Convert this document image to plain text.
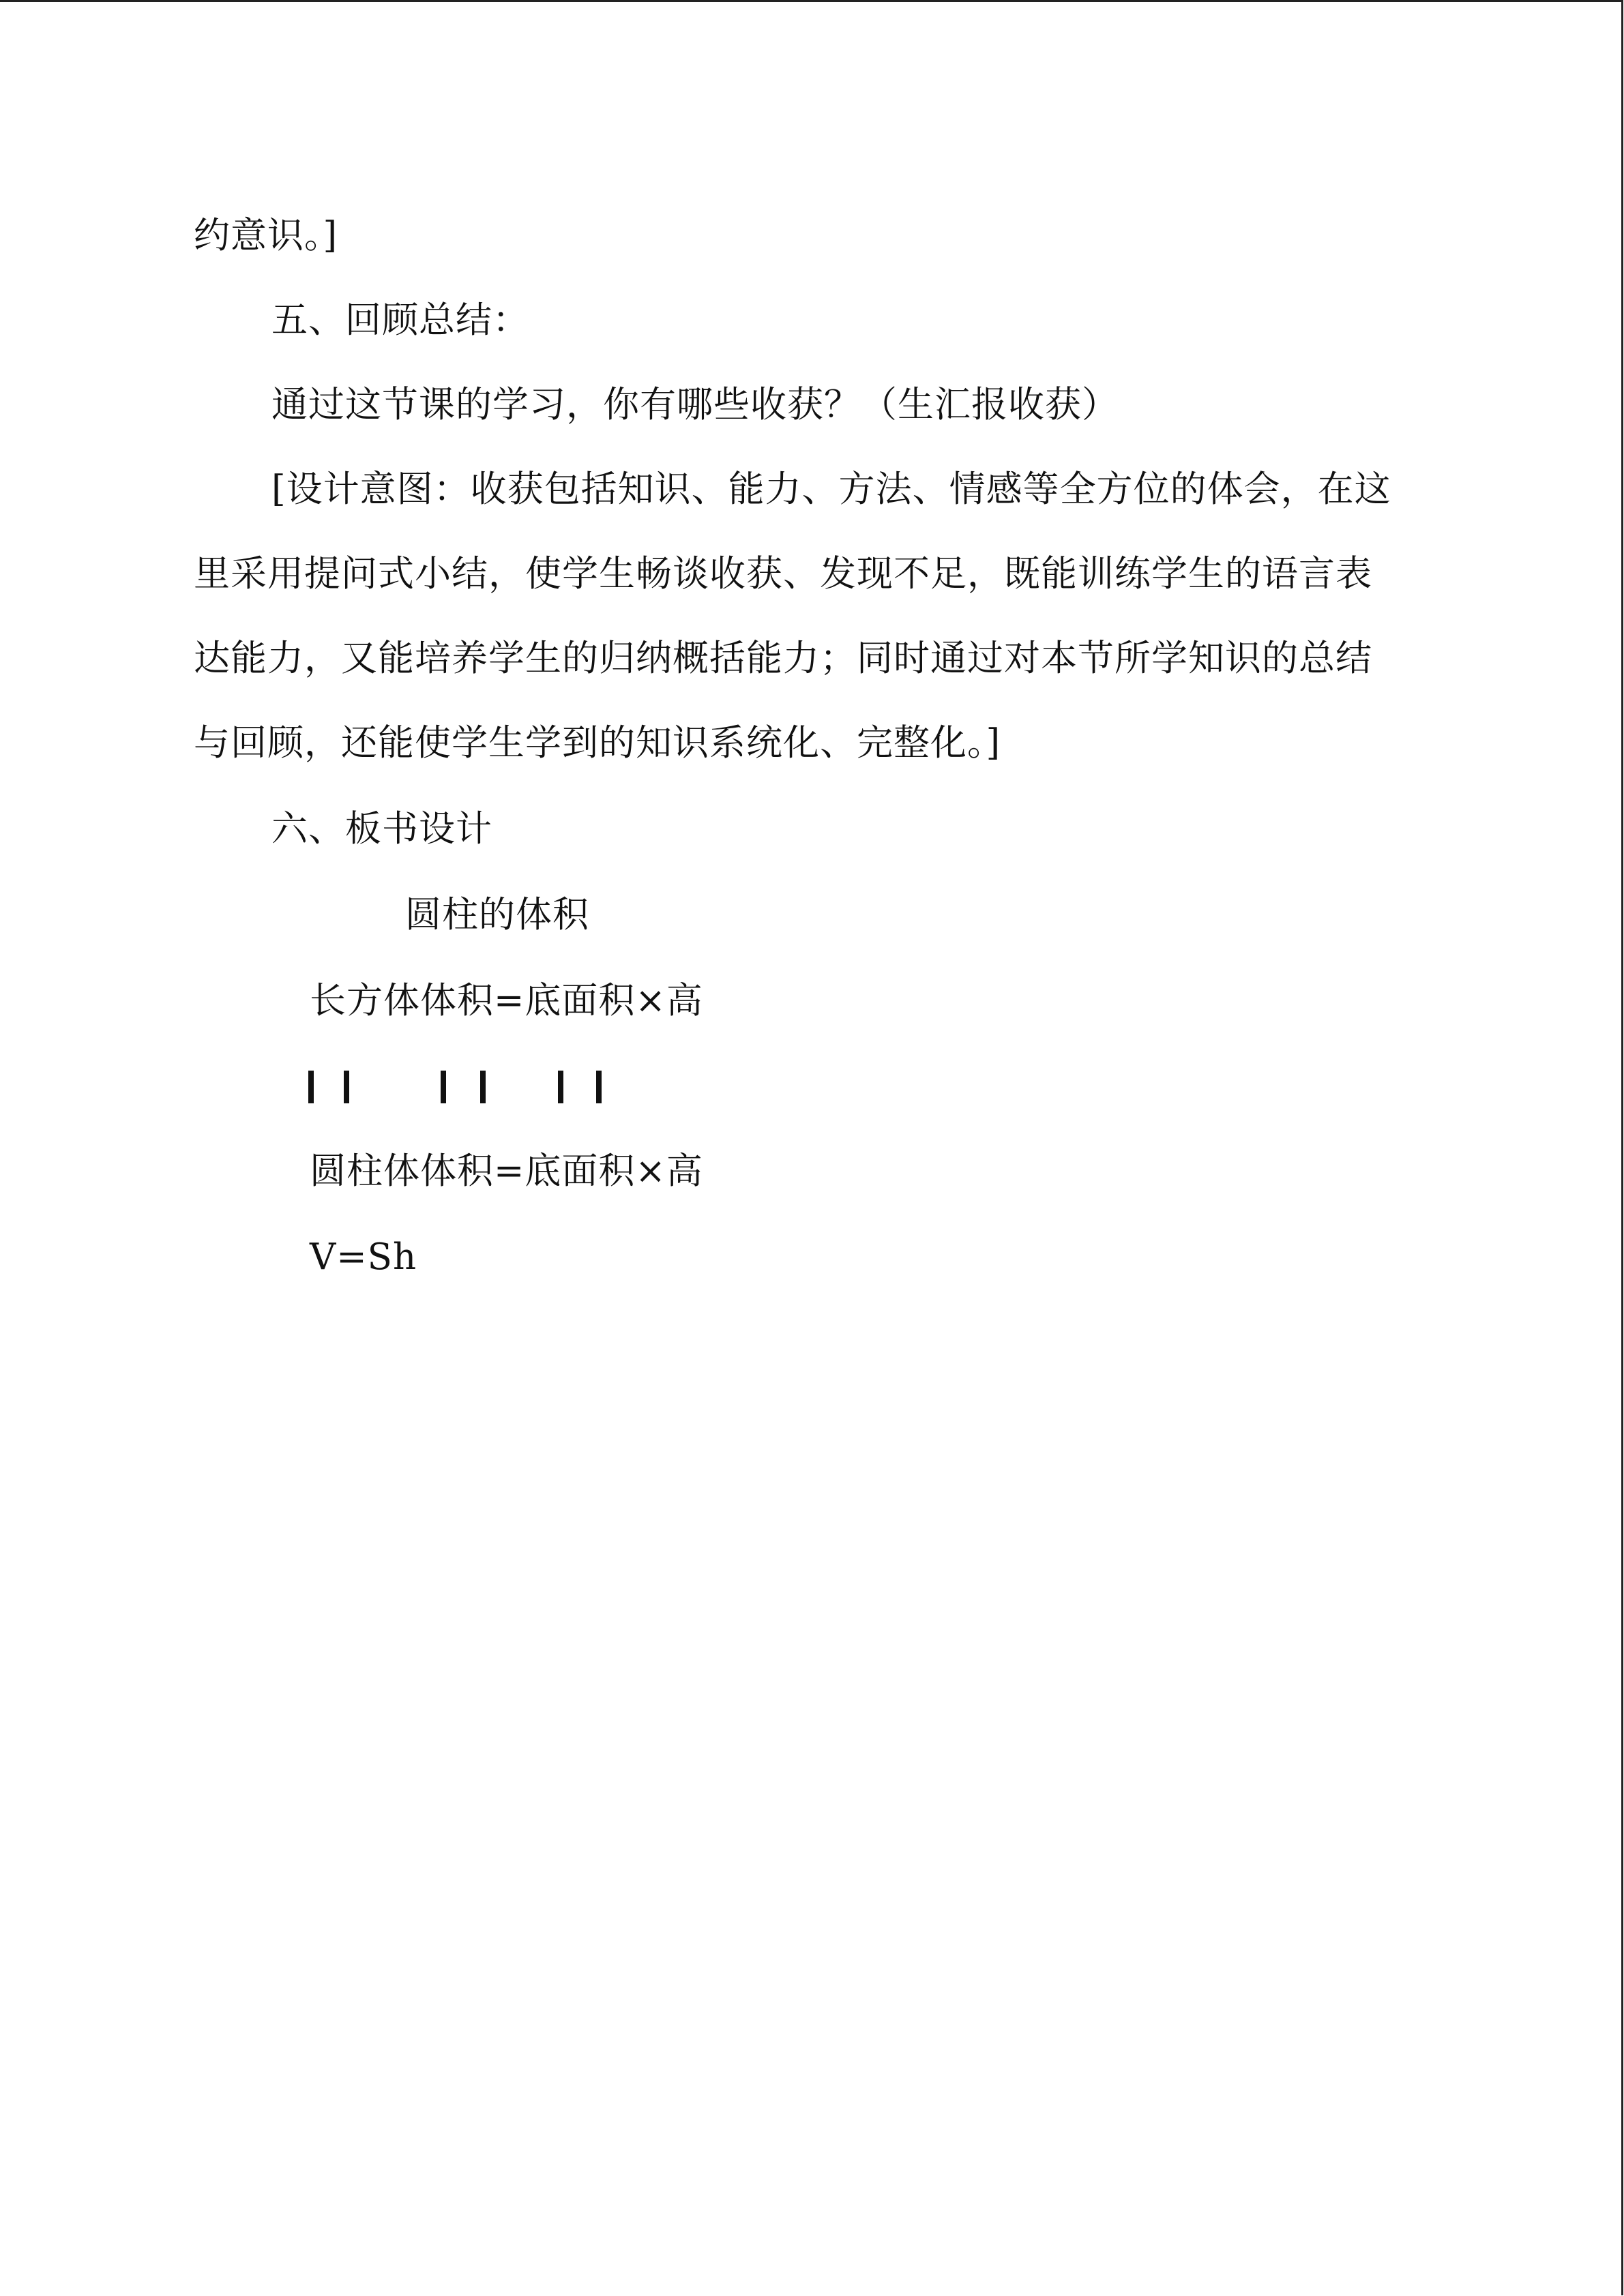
约意识。]
五、回顾总结：
通过这节课的学习，你有哪些收获？（生汇报收获）
[设计意图：收获包括知识、能力、方法、情感等全方位的体会，在这
里采用提问式小结，使学生畅谈收获、发现不足，既能训练学生的语言表
达能力，又能培养学生的归纳概括能力；同时通过对本节所学知识的总结
与回顾，还能使学生学到的知识系统化、完整化。]
六、板书设计
圆柱的体积
长方体体积=底面积×高
圆柱体体积=底面积×高
V=Sh
